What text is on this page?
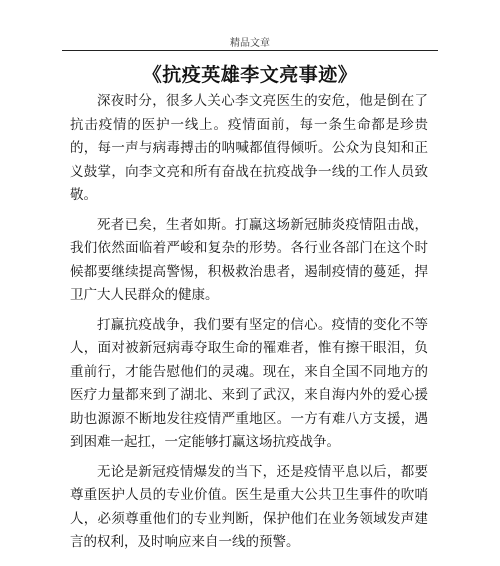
精品文章
《抗疫英雄李文亮事迹》

深夜时分，很多人关心李文亮医生的安危，他是倒在了抗击疫情的医护一线上。疫情面前，每一条生命都是珍贵的，每一声与病毒搏击的呐喊都值得倾听。公众为良知和正义鼓掌，向李文亮和所有奋战在抗疫战争一线的工作人员致敬。

死者已矣，生者如斯。打赢这场新冠肺炎疫情阻击战，我们依然面临着严峻和复杂的形势。各行业各部门在这个时候都要继续提高警惕，积极救治患者，遏制疫情的蔓延，捍卫广大人民群众的健康。

打赢抗疫战争，我们要有坚定的信心。疫情的变化不等人，面对被新冠病毒夺取生命的罹难者，惟有擦干眼泪，负重前行，才能告慰他们的灵魂。现在，来自全国不同地方的医疗力量都来到了湖北、来到了武汉，来自海内外的爱心援助也源源不断地发往疫情严重地区。一方有难八方支援，遇到困难一起扛，一定能够打赢这场抗疫战争。

无论是新冠疫情爆发的当下，还是疫情平息以后，都要尊重医护人员的专业价值。医生是重大公共卫生事件的吹哨人，必须尊重他们的专业判断，保护他们在业务领域发声建言的权利，及时响应来自一线的预警。
